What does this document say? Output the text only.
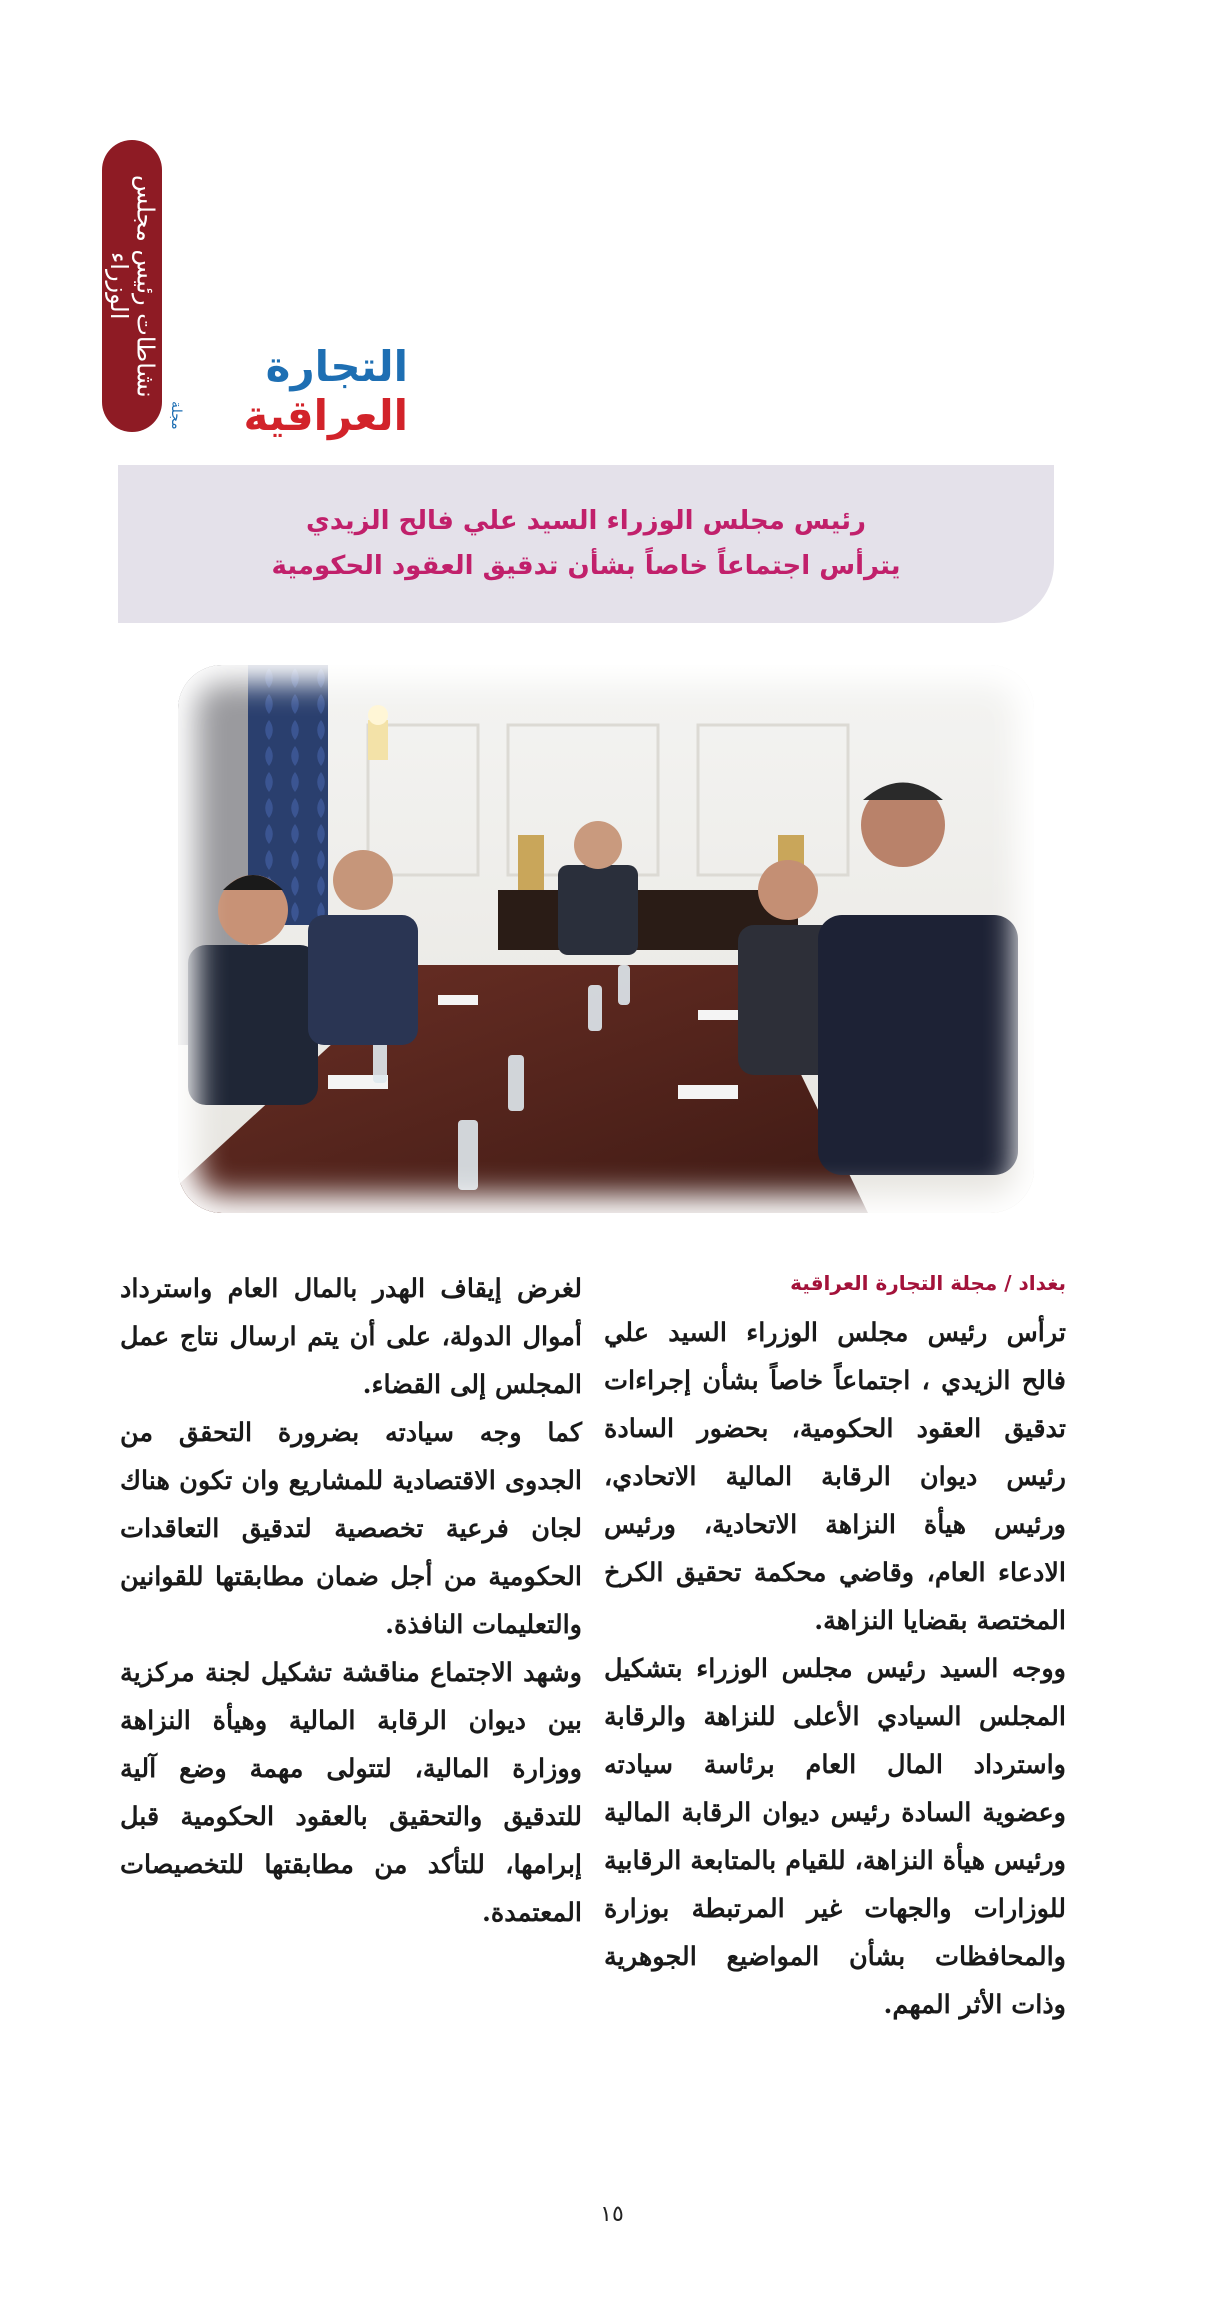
نشاطات رئيس مجلس
الوزراء
التجارة العراقية
مجلة
رئيس مجلس الوزراء السيد علي فالح الزيدي
يترأس اجتماعاً خاصاً بشأن تدقيق العقود الحكومية
بغداد / مجلة التجارة العراقية

ترأس رئيس مجلس الوزراء السيد علي فالح الزيدي ، اجتماعاً خاصاً بشأن إجراءات تدقيق العقود الحكومية، بحضور السادة رئيس ديوان الرقابة المالية الاتحادي، ورئيس هيأة النزاهة الاتحادية، ورئيس الادعاء العام، وقاضي محكمة تحقيق الكرخ المختصة بقضايا النزاهة.

ووجه السيد رئيس مجلس الوزراء بتشكيل المجلس السيادي الأعلى للنزاهة والرقابة واسترداد المال العام برئاسة سيادته وعضوية السادة رئيس ديوان الرقابة المالية ورئيس هيأة النزاهة، للقيام بالمتابعة الرقابية للوزارات والجهات غير المرتبطة بوزارة والمحافظات بشأن المواضيع الجوهرية وذات الأثر المهم.

لغرض إيقاف الهدر بالمال العام واسترداد أموال الدولة، على أن يتم ارسال نتاج عمل المجلس إلى القضاء.

كما وجه سيادته بضرورة التحقق من الجدوى الاقتصادية للمشاريع وان تكون هناك لجان فرعية تخصصية لتدقيق التعاقدات الحكومية من أجل ضمان مطابقتها للقوانين والتعليمات النافذة.

وشهد الاجتماع مناقشة تشكيل لجنة مركزية بين ديوان الرقابة المالية وهيأة النزاهة ووزارة المالية، لتتولى مهمة وضع آلية للتدقيق والتحقيق بالعقود الحكومية قبل إبرامها، للتأكد من مطابقتها للتخصيصات المعتمدة.

١٥
